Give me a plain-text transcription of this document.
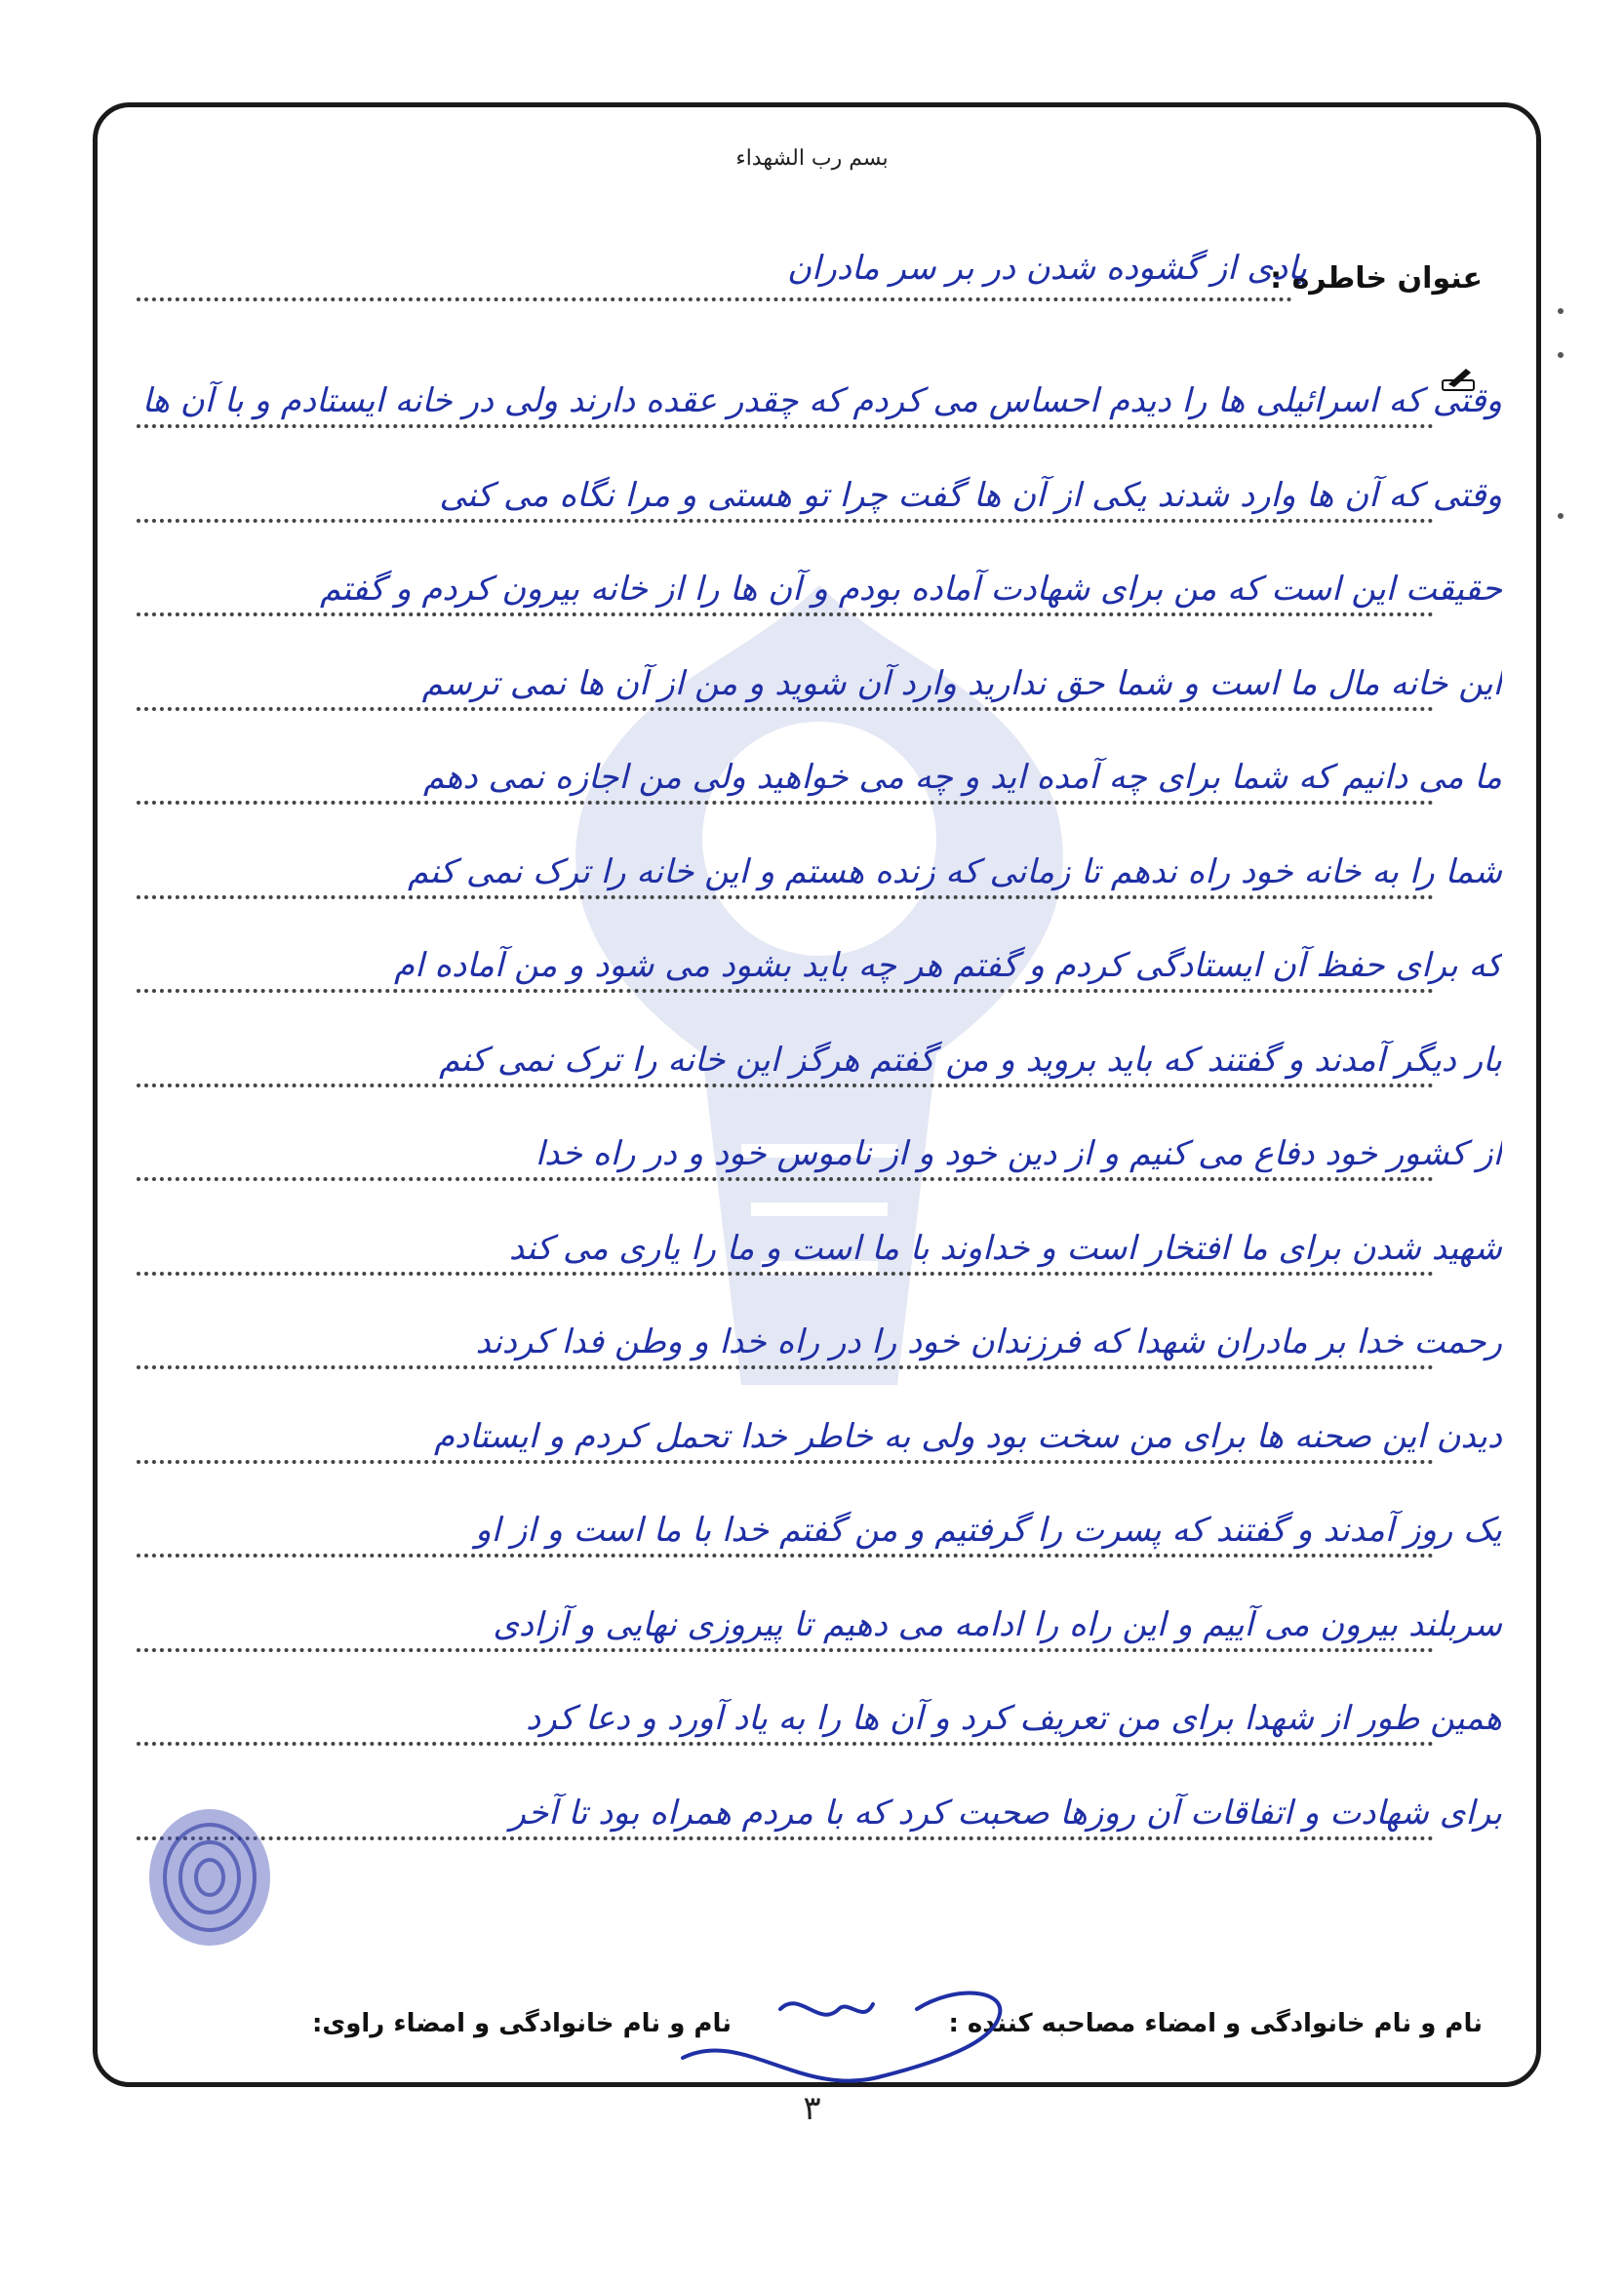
بسم رب الشهداء
عنوان خاطره :
یادی از گشوده شدن در بر سر مادران
وقتی که اسرائیلی ها را دیدم احساس می کردم که چقدر عقده دارند ولی در خانه ایستادم و با آن ها
وقتی که آن ها وارد شدند یکی از آن ها گفت چرا تو هستی و مرا نگاه می کنی
حقیقت این است که من برای شهادت آماده بودم و آن ها را از خانه بیرون کردم و گفتم
این خانه مال ما است و شما حق ندارید وارد آن شوید و من از آن ها نمی ترسم
ما می دانیم که شما برای چه آمده اید و چه می خواهید ولی من اجازه نمی دهم
شما را به خانه خود راه ندهم تا زمانی که زنده هستم و این خانه را ترک نمی کنم
که برای حفظ آن ایستادگی کردم و گفتم هر چه باید بشود می شود و من آماده ام
بار دیگر آمدند و گفتند که باید بروید و من گفتم هرگز این خانه را ترک نمی کنم
از کشور خود دفاع می کنیم و از دین خود و از ناموس خود و در راه خدا
شهید شدن برای ما افتخار است و خداوند با ما است و ما را یاری می کند
رحمت خدا بر مادران شهدا که فرزندان خود را در راه خدا و وطن فدا کردند
دیدن این صحنه ها برای من سخت بود ولی به خاطر خدا تحمل کردم و ایستادم
یک روز آمدند و گفتند که پسرت را گرفتیم و من گفتم خدا با ما است و از او
سربلند بیرون می آییم و این راه را ادامه می دهیم تا پیروزی نهایی و آزادی
همین طور از شهدا برای من تعریف کرد و آن ها را به یاد آورد و دعا کرد
برای شهادت و اتفاقات آن روزها صحبت کرد که با مردم همراه بود تا آخر
نام و نام خانوادگی و امضاء مصاحبه کننده :
نام و نام خانوادگی و امضاء راوی:
۳
